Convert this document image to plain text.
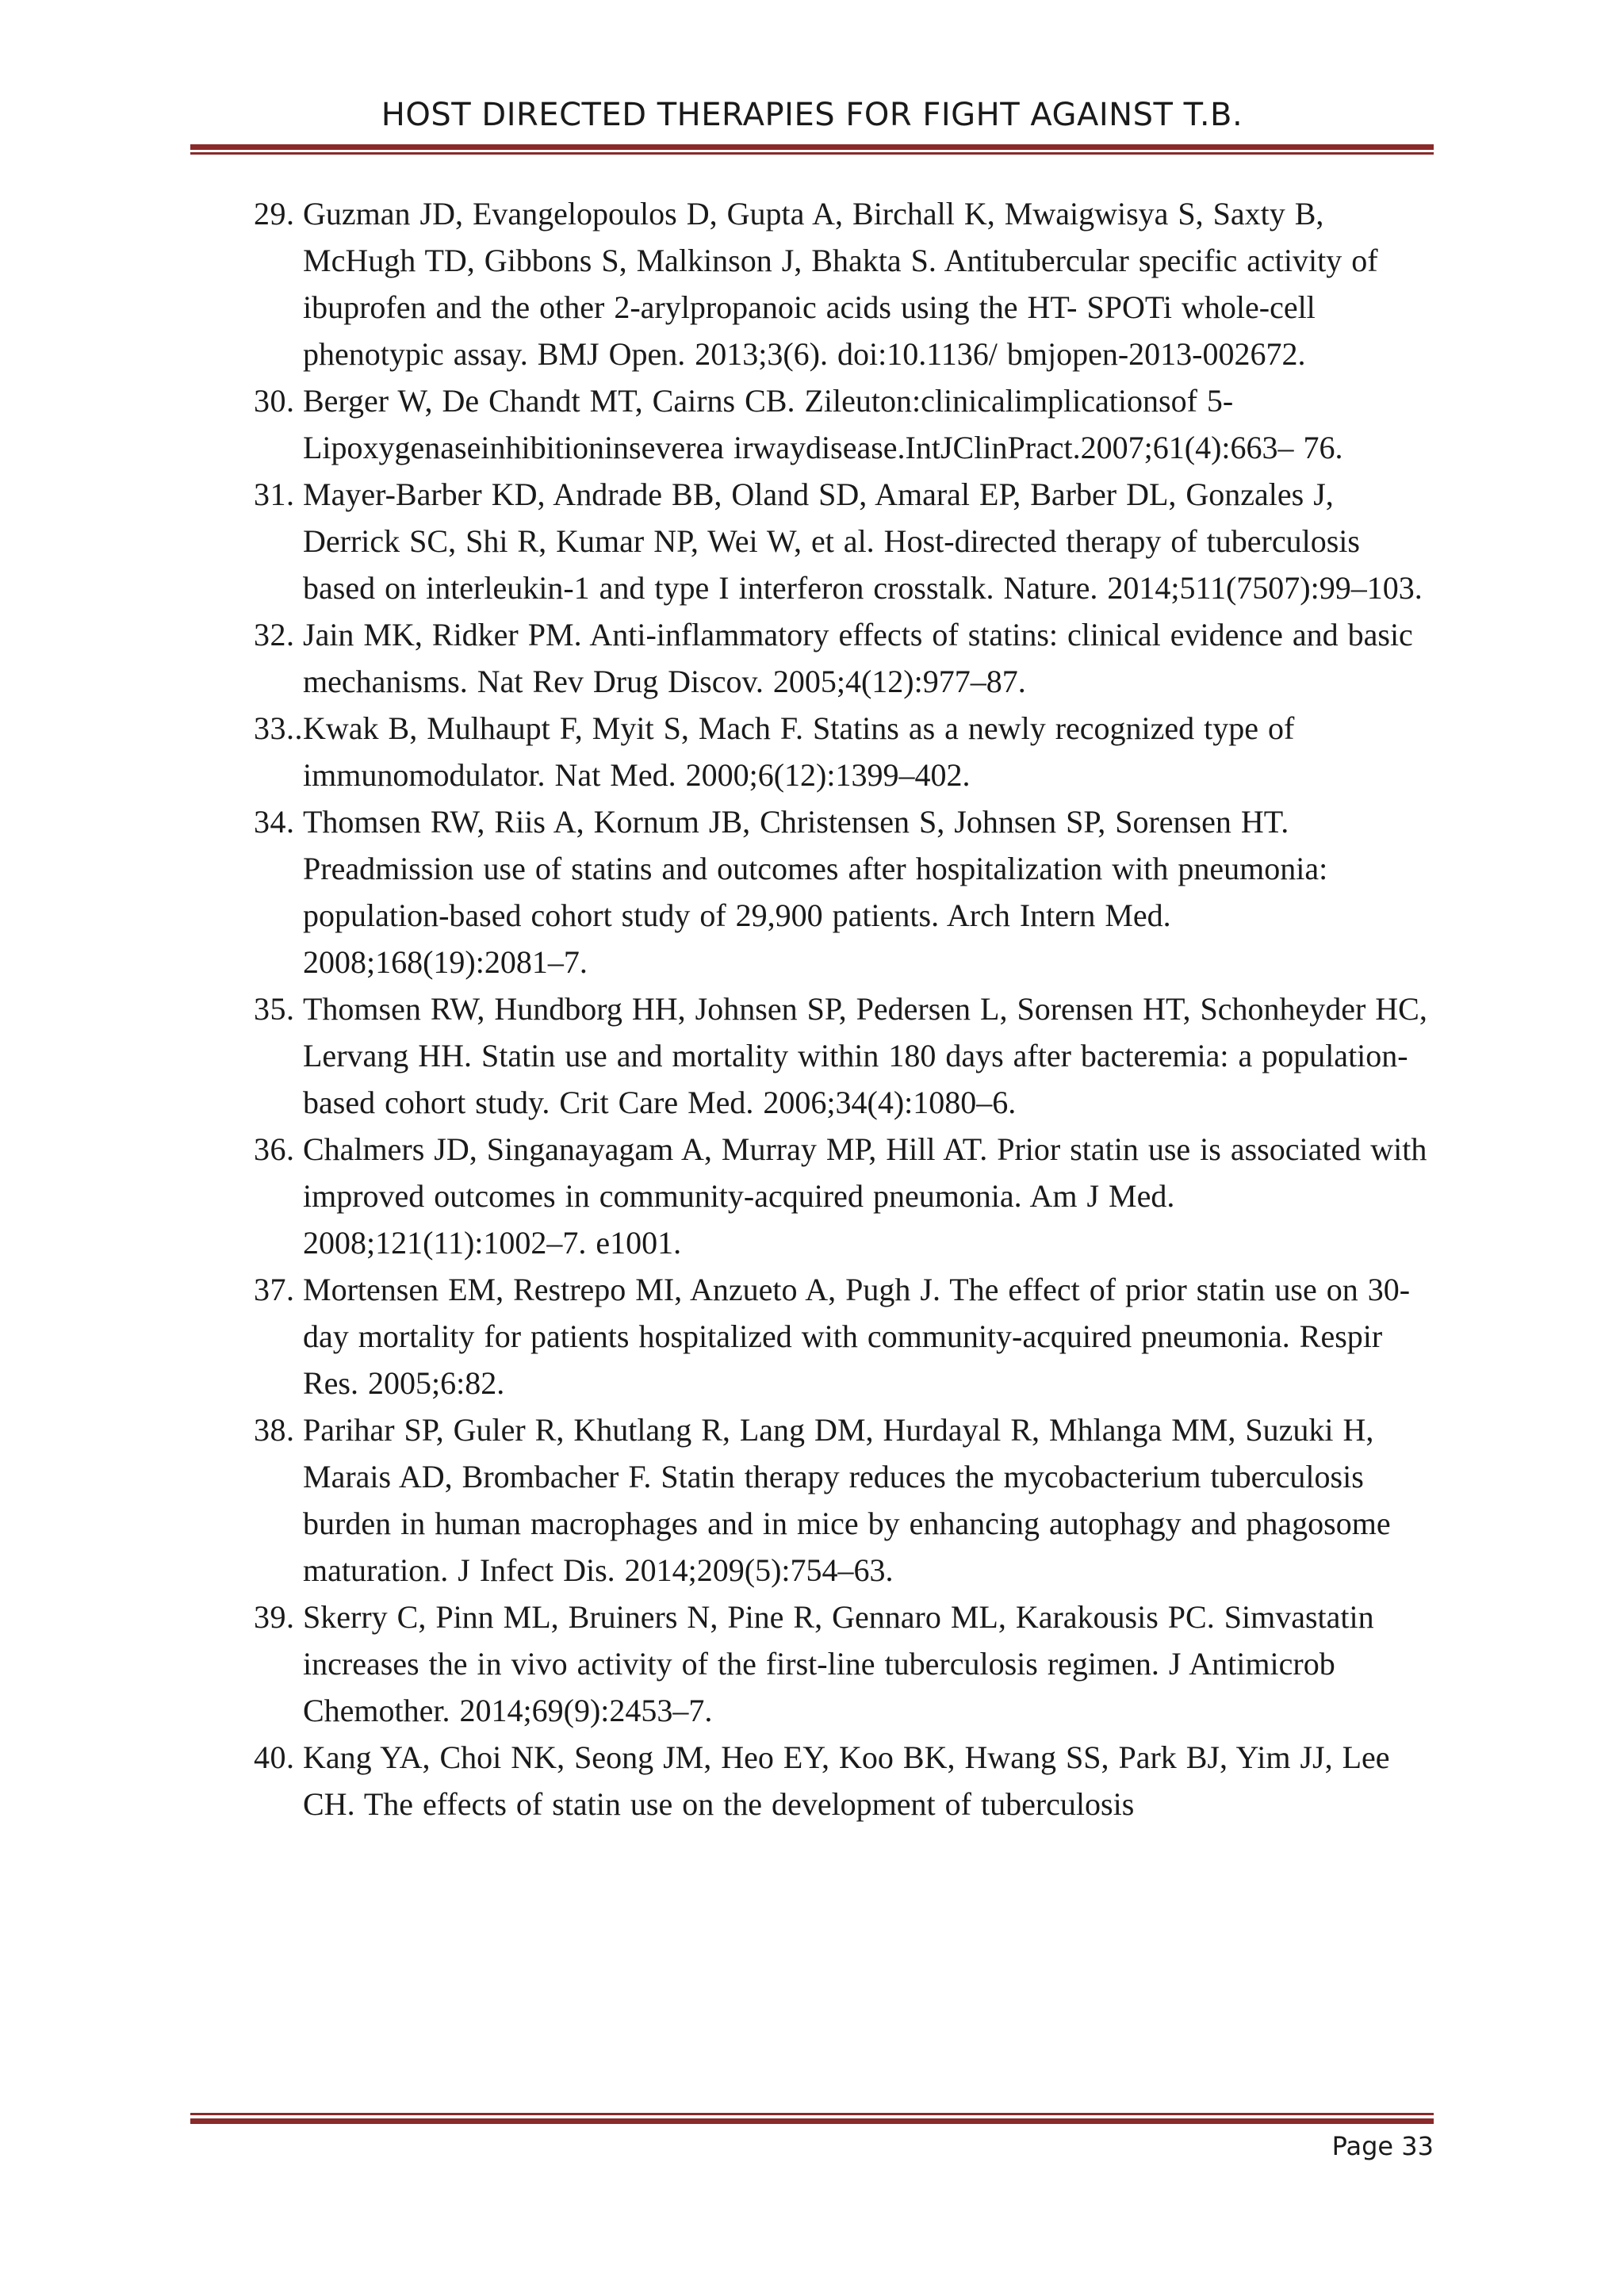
HOST DIRECTED THERAPIES FOR FIGHT AGAINST T.B.
29. Guzman JD, Evangelopoulos D, Gupta A, Birchall K, Mwaigwisya S, Saxty B, McHugh TD, Gibbons S, Malkinson J, Bhakta S. Antitubercular specific activity of ibuprofen and the other 2-arylpropanoic acids using the HT- SPOTi whole-cell phenotypic assay. BMJ Open. 2013;3(6). doi:10.1136/ bmjopen-2013-002672.
30. Berger W, De Chandt MT, Cairns CB. Zileuton:clinicalimplicationsof 5-Lipoxygenaseinhibitioninseverea irwaydisease.IntJClinPract.2007;61(4):663– 76.
31. Mayer-Barber KD, Andrade BB, Oland SD, Amaral EP, Barber DL, Gonzales J, Derrick SC, Shi R, Kumar NP, Wei W, et al. Host-directed therapy of tuberculosis based on interleukin-1 and type I interferon crosstalk. Nature. 2014;511(7507):99–103.
32. Jain MK, Ridker PM. Anti-inflammatory effects of statins: clinical evidence and basic mechanisms. Nat Rev Drug Discov. 2005;4(12):977–87.
33.. Kwak B, Mulhaupt F, Myit S, Mach F. Statins as a newly recognized type of immunomodulator. Nat Med. 2000;6(12):1399–402.
34. Thomsen RW, Riis A, Kornum JB, Christensen S, Johnsen SP, Sorensen HT. Preadmission use of statins and outcomes after hospitalization with pneumonia: population-based cohort study of 29,900 patients. Arch Intern Med. 2008;168(19):2081–7.
35. Thomsen RW, Hundborg HH, Johnsen SP, Pedersen L, Sorensen HT, Schonheyder HC, Lervang HH. Statin use and mortality within 180 days after bacteremia: a population-based cohort study. Crit Care Med. 2006;34(4):1080–6.
36. Chalmers JD, Singanayagam A, Murray MP, Hill AT. Prior statin use is associated with improved outcomes in community-acquired pneumonia. Am J Med. 2008;121(11):1002–7. e1001.
37. Mortensen EM, Restrepo MI, Anzueto A, Pugh J. The effect of prior statin use on 30-day mortality for patients hospitalized with community-acquired pneumonia. Respir Res. 2005;6:82.
38. Parihar SP, Guler R, Khutlang R, Lang DM, Hurdayal R, Mhlanga MM, Suzuki H, Marais AD, Brombacher F. Statin therapy reduces the mycobacterium tuberculosis burden in human macrophages and in mice by enhancing autophagy and phagosome maturation. J Infect Dis. 2014;209(5):754–63.
39. Skerry C, Pinn ML, Bruiners N, Pine R, Gennaro ML, Karakousis PC. Simvastatin increases the in vivo activity of the first-line tuberculosis regimen. J Antimicrob Chemother. 2014;69(9):2453–7.
40. Kang YA, Choi NK, Seong JM, Heo EY, Koo BK, Hwang SS, Park BJ, Yim JJ, Lee CH. The effects of statin use on the development of tuberculosis
Page 33
